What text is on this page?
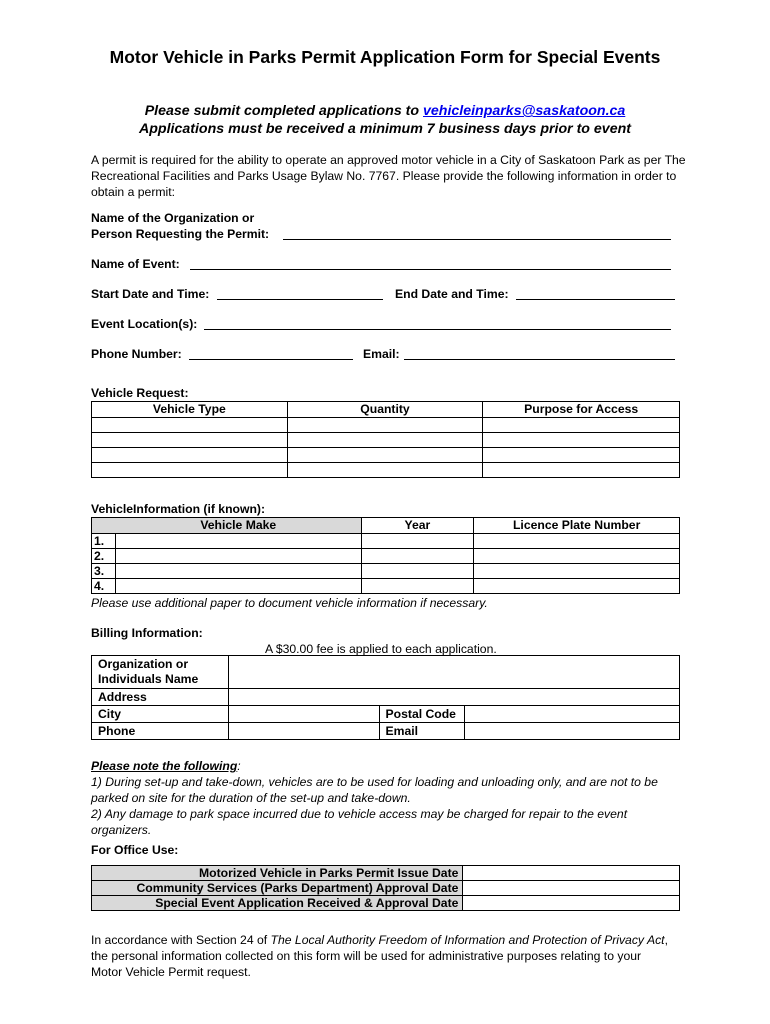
Motor Vehicle in Parks Permit Application Form for Special Events
Please submit completed applications to vehicleinparks@saskatoon.ca
Applications must be received a minimum 7 business days prior to event
A permit is required for the ability to operate an approved motor vehicle in a City of Saskatoon Park as per The Recreational Facilities and Parks Usage Bylaw No. 7767. Please provide the following information in order to obtain a permit:
Name of the Organization or
Person Requesting the Permit:
Name of Event:
Start Date and Time:	End Date and Time:
Event Location(s):
Phone Number:	Email:
Vehicle Request:
Vehicle Type	Quantity	Purpose for Access

VehicleInformation (if known):
Vehicle Make		Year	Licence Plate Number
1.			
2.			
3.			
4.			
Please use additional paper to document vehicle information if necessary.
Billing Information:
A $30.00 fee is applied to each application.
Organization or
Individuals Name			

Address			
City		Postal Code	
Phone		Email	
Please note the following:
1) During set-up and take-down, vehicles are to be used for loading and unloading only, and are not to be parked on site for the duration of the set-up and take-down.
2) Any damage to park space incurred due to vehicle access may be charged for repair to the event organizers.
For Office Use:
Motorized Vehicle in Parks Permit Issue Date	
Community Services (Parks Department) Approval Date	
Special Event Application Received & Approval Date	
In accordance with Section 24 of The Local Authority Freedom of Information and Protection of Privacy Act, the personal information collected on this form will be used for administrative purposes relating to your Motor Vehicle Permit request.
